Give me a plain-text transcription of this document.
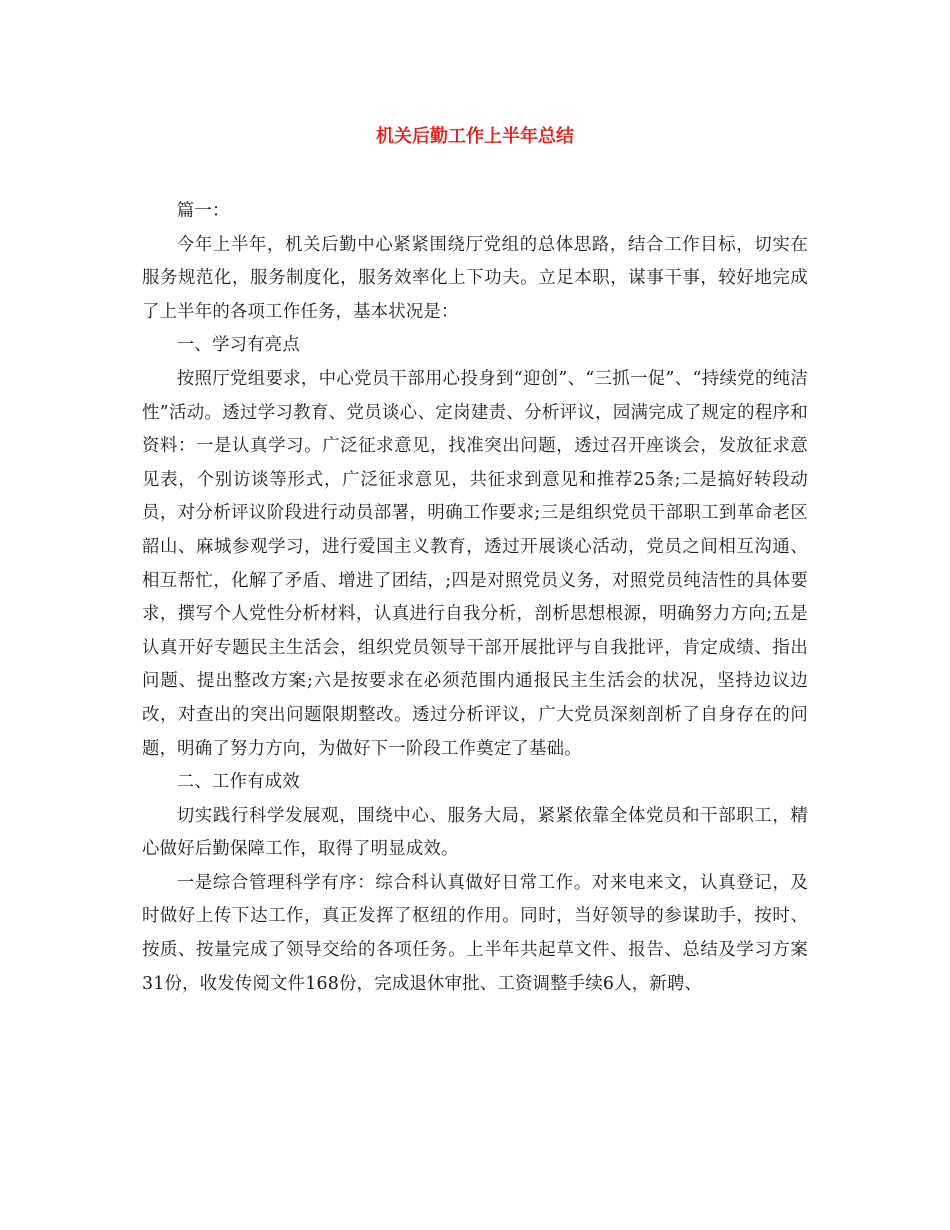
机关后勤工作上半年总结

篇一：

今年上半年，机关后勤中心紧紧围绕厅党组的总体思路，结合工作目标，切实在服务规范化，服务制度化，服务效率化上下功夫。立足本职，谋事干事，较好地完成了上半年的各项工作任务，基本状况是：

一、学习有亮点

按照厅党组要求，中心党员干部用心投身到“迎创”、“三抓一促”、“持续党的纯洁性”活动。透过学习教育、党员谈心、定岗建责、分析评议，园满完成了规定的程序和资料：一是认真学习。广泛征求意见，找准突出问题，透过召开座谈会，发放征求意见表，个别访谈等形式，广泛征求意见，共征求到意见和推荐25条;二是搞好转段动员，对分析评议阶段进行动员部署，明确工作要求;三是组织党员干部职工到革命老区韶山、麻城参观学习，进行爱国主义教育，透过开展谈心活动，党员之间相互沟通、相互帮忙，化解了矛盾、增进了团结，;四是对照党员义务，对照党员纯洁性的具体要求，撰写个人党性分析材料，认真进行自我分析，剖析思想根源，明确努力方向;五是认真开好专题民主生活会，组织党员领导干部开展批评与自我批评，肯定成绩、指出问题、提出整改方案;六是按要求在必须范围内通报民主生活会的状况，坚持边议边改，对查出的突出问题限期整改。透过分析评议，广大党员深刻剖析了自身存在的问题，明确了努力方向，为做好下一阶段工作奠定了基础。

二、工作有成效

切实践行科学发展观，围绕中心、服务大局，紧紧依靠全体党员和干部职工，精心做好后勤保障工作，取得了明显成效。

一是综合管理科学有序：综合科认真做好日常工作。对来电来文，认真登记，及时做好上传下达工作，真正发挥了枢纽的作用。同时，当好领导的参谋助手，按时、按质、按量完成了领导交给的各项任务。上半年共起草文件、报告、总结及学习方案31份，收发传阅文件168份，完成退休审批、工资调整手续6人，新聘、
